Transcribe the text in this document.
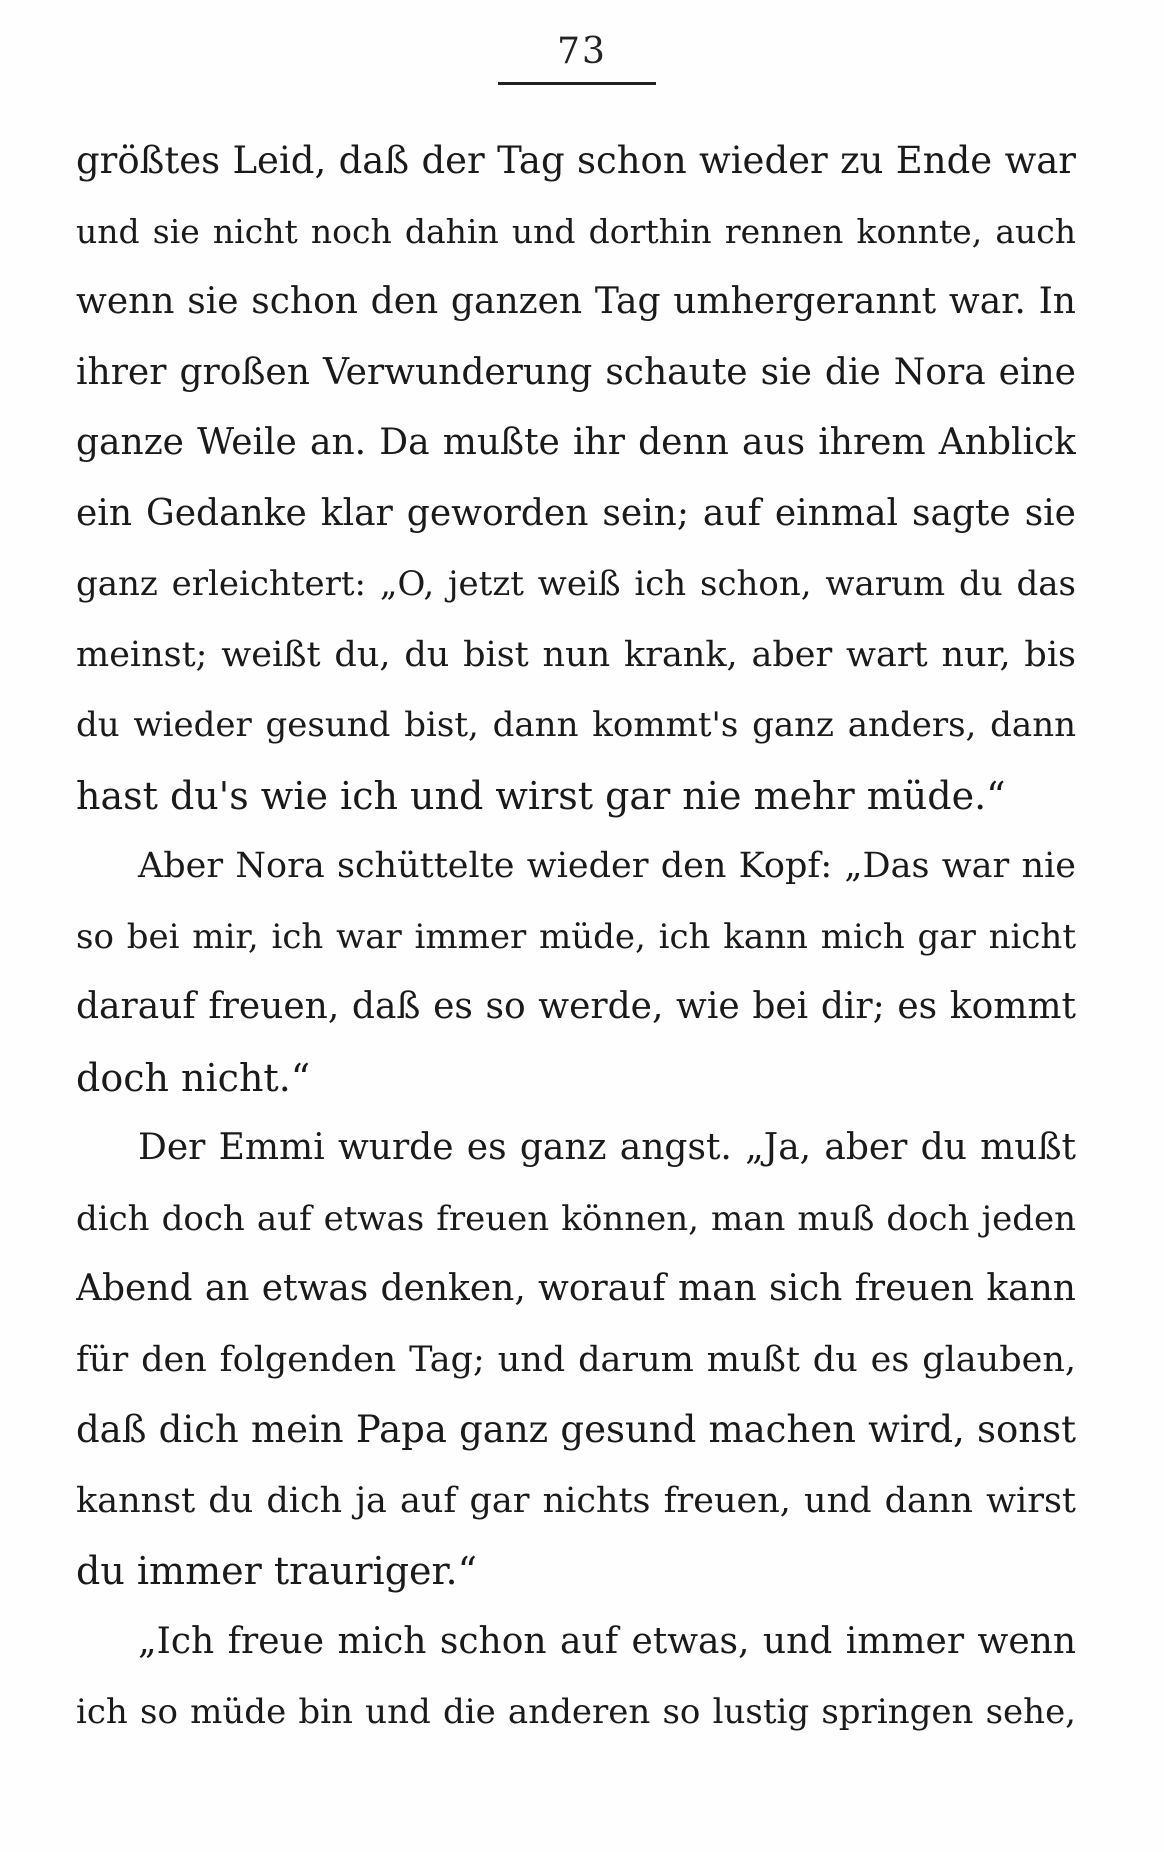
73
größtes Leid, daß der Tag schon wieder zu Ende war
und sie nicht noch dahin und dorthin rennen konnte, auch
wenn sie schon den ganzen Tag umhergerannt war. In
ihrer großen Verwunderung schaute sie die Nora eine
ganze Weile an. Da mußte ihr denn aus ihrem Anblick
ein Gedanke klar geworden sein; auf einmal sagte sie
ganz erleichtert: „O, jetzt weiß ich schon, warum du das
meinst; weißt du, du bist nun krank, aber wart nur, bis
du wieder gesund bist, dann kommt's ganz anders, dann
hast du's wie ich und wirst gar nie mehr müde.“
Aber Nora schüttelte wieder den Kopf: „Das war nie
so bei mir, ich war immer müde, ich kann mich gar nicht
darauf freuen, daß es so werde, wie bei dir; es kommt
doch nicht.“
Der Emmi wurde es ganz angst. „Ja, aber du mußt
dich doch auf etwas freuen können, man muß doch jeden
Abend an etwas denken, worauf man sich freuen kann
für den folgenden Tag; und darum mußt du es glauben,
daß dich mein Papa ganz gesund machen wird, sonst
kannst du dich ja auf gar nichts freuen, und dann wirst
du immer trauriger.“
„Ich freue mich schon auf etwas, und immer wenn
ich so müde bin und die anderen so lustig springen sehe,
